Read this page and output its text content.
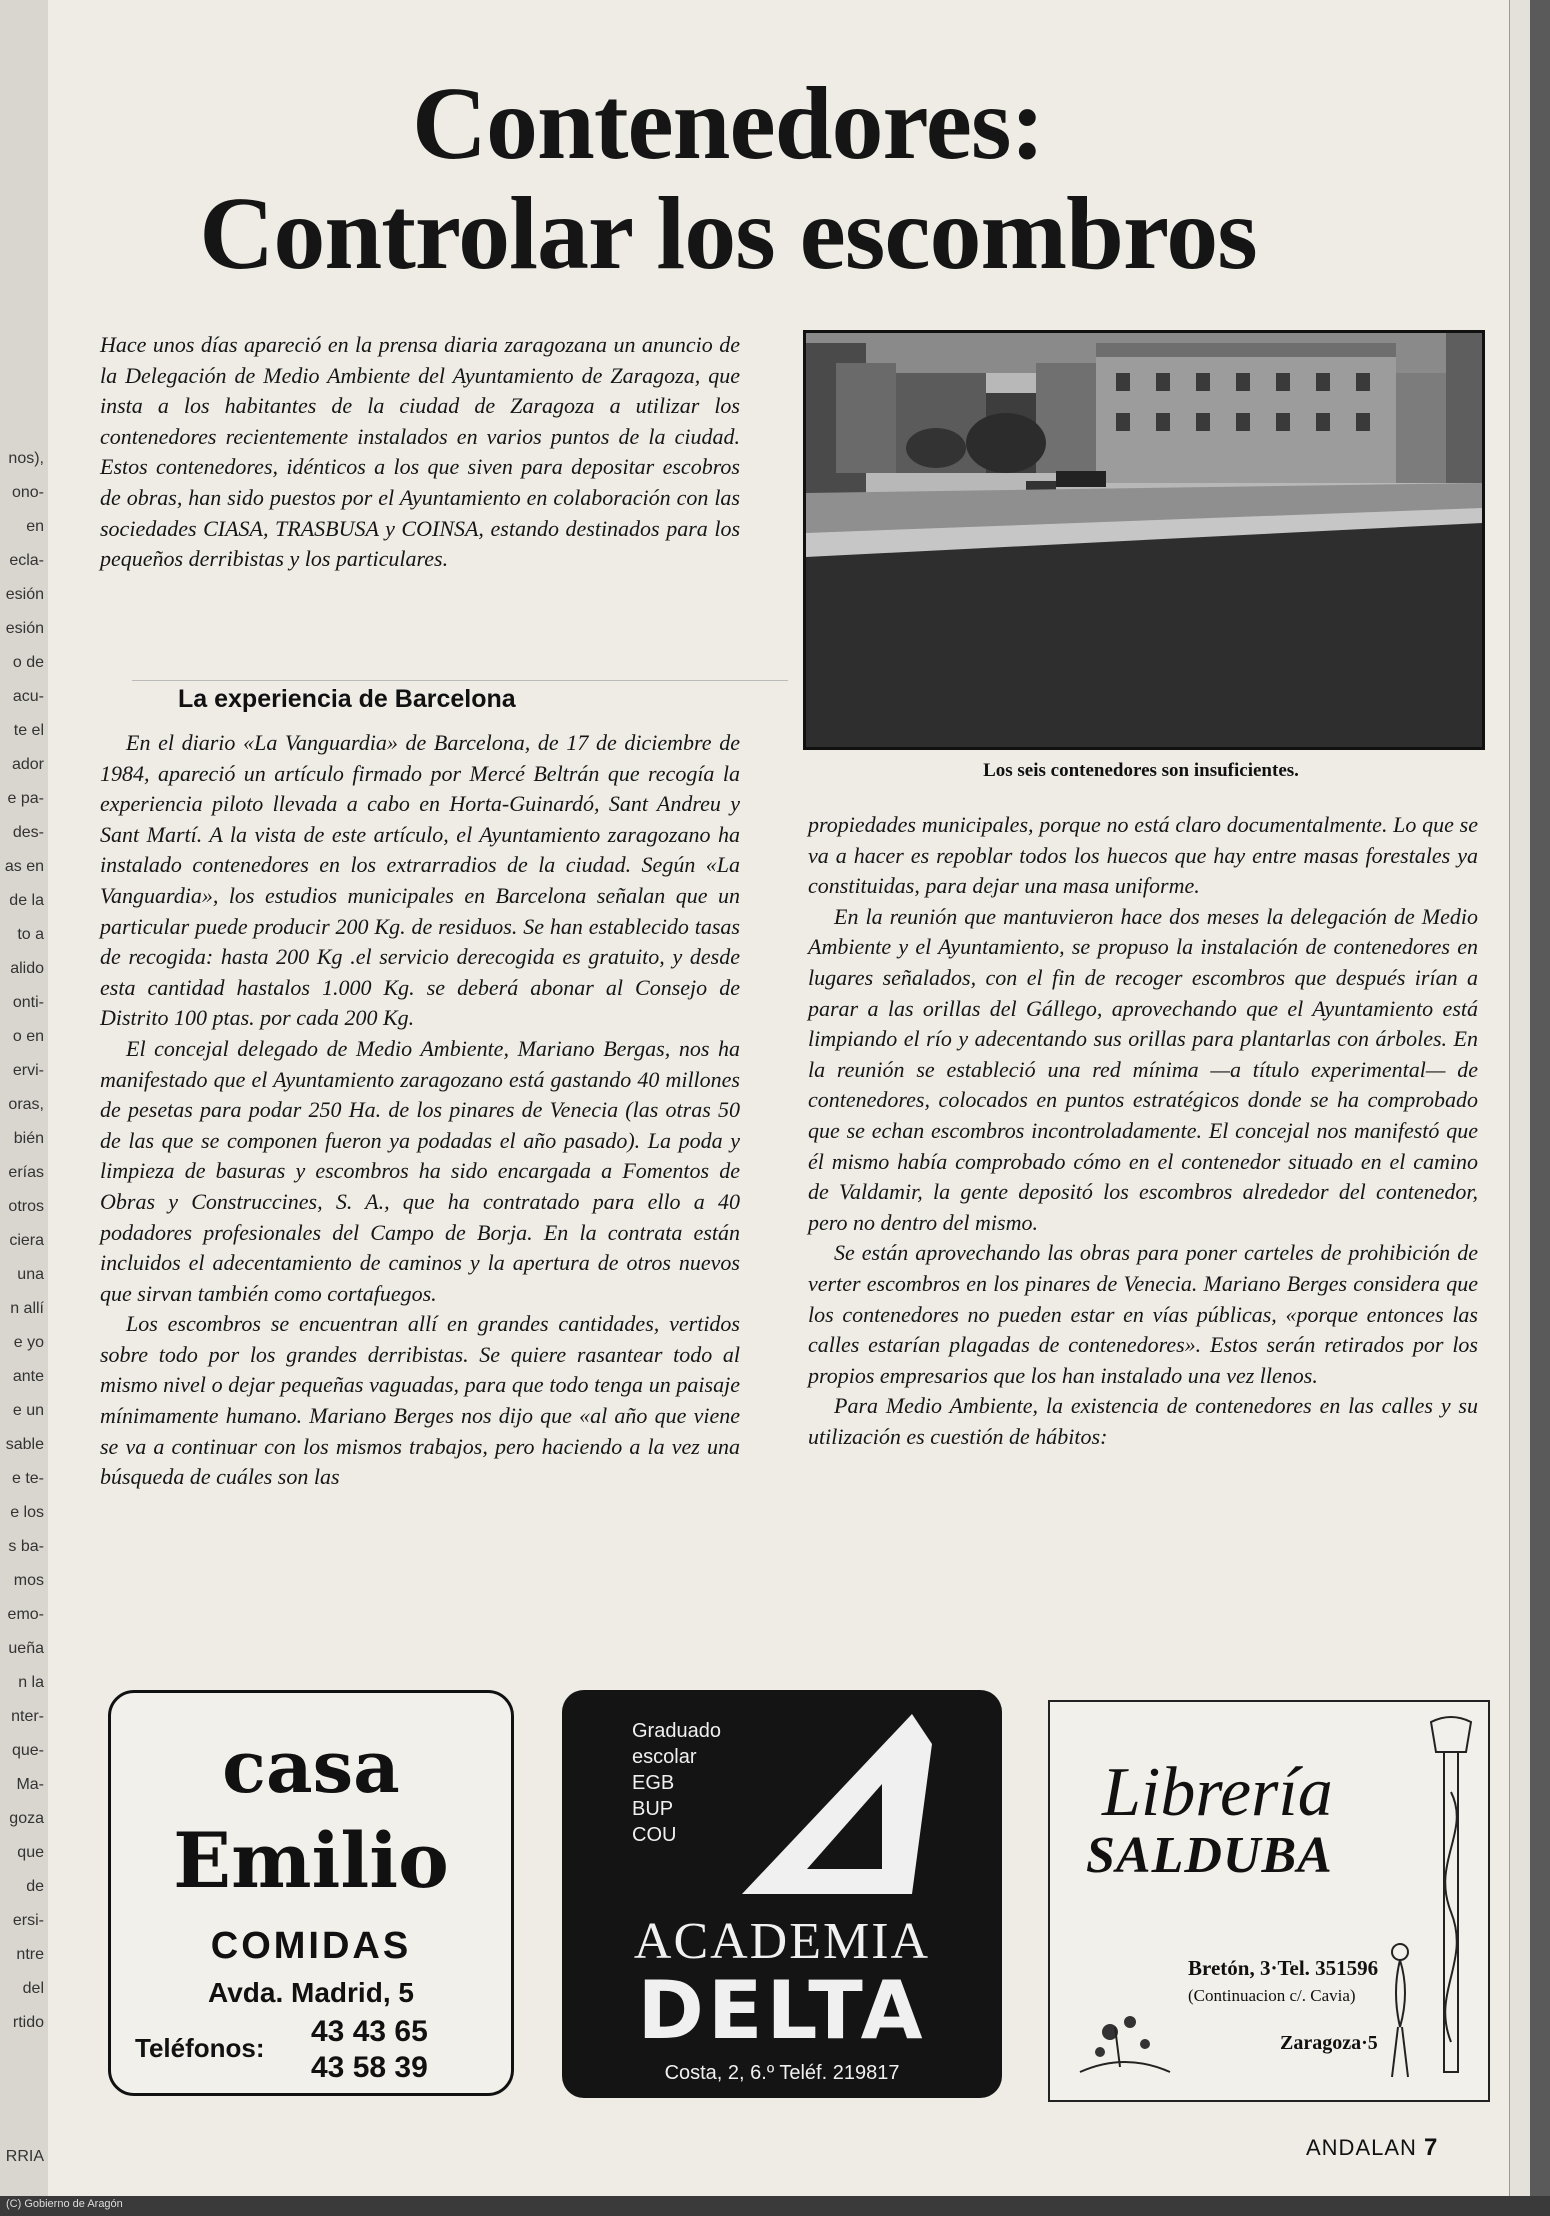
nos),
ono-
en
ecla-
esión
esión
o de
acu-
te el
ador
e pa-
des-
as en
de la
to a
alido
onti-
o en
ervi-
oras,
bién
erías
otros
ciera
una
n allí
e yo
ante
e un
sable
e te-
e los
s ba-
mos
emo-
ueña
n la
nter-
que-
Ma-
goza
que
de
ersi-
ntre
del
rtido
RRIA
Contenedores:
Controlar los escombros

Hace unos días apareció en la prensa diaria zaragozana un anuncio de la Delegación de Medio Ambiente del Ayuntamiento de Zaragoza, que insta a los habitantes de la ciudad de Zaragoza a utilizar los contenedores recientemente instalados en varios puntos de la ciudad. Estos contenedores, idénticos a los que siven para depositar escobros de obras, han sido puestos por el Ayuntamiento en colaboración con las sociedades CIASA, TRASBUSA y COINSA, estando destinados para los pequeños derribistas y los particulares.

La experiencia de Barcelona

En el diario «La Vanguardia» de Barcelona, de 17 de diciembre de 1984, apareció un artículo firmado por Mercé Beltrán que recogía la experiencia piloto llevada a cabo en Horta-Guinardó, Sant Andreu y Sant Martí. A la vista de este artículo, el Ayuntamiento zaragozano ha instalado contenedores en los extrarradios de la ciudad. Según «La Vanguardia», los estudios municipales en Barcelona señalan que un particular puede producir 200 Kg. de residuos. Se han establecido tasas de recogida: hasta 200 Kg .el servicio derecogida es gratuito, y desde esta cantidad hastalos 1.000 Kg. se deberá abonar al Consejo de Distrito 100 ptas. por cada 200 Kg.

El concejal delegado de Medio Ambiente, Mariano Bergas, nos ha manifestado que el Ayuntamiento zaragozano está gastando 40 millones de pesetas para podar 250 Ha. de los pinares de Venecia (las otras 50 de las que se componen fueron ya podadas el año pasado). La poda y limpieza de basuras y escombros ha sido encargada a Fomentos de Obras y Construccines, S. A., que ha contratado para ello a 40 podadores profesionales del Campo de Borja. En la contrata están incluidos el adecentamiento de caminos y la apertura de otros nuevos que sirvan también como cortafuegos.

Los escombros se encuentran allí en grandes cantidades, vertidos sobre todo por los grandes derribistas. Se quiere rasantear todo al mismo nivel o dejar pequeñas vaguadas, para que todo tenga un paisaje mínimamente humano. Mariano Berges nos dijo que «al año que viene se va a continuar con los mismos trabajos, pero haciendo a la vez una búsqueda de cuáles son las

Los seis contenedores son insuficientes.

propiedades municipales, porque no está claro documentalmente. Lo que se va a hacer es repoblar todos los huecos que hay entre masas forestales ya constituidas, para dejar una masa uniforme.

En la reunión que mantuvieron hace dos meses la delegación de Medio Ambiente y el Ayuntamiento, se propuso la instalación de contenedores en lugares señalados, con el fin de recoger escombros que después irían a parar a las orillas del Gállego, aprovechando que el Ayuntamiento está limpiando el río y adecentando sus orillas para plantarlas con árboles. En la reunión se estableció una red mínima —a título experimental— de contenedores, colocados en puntos estratégicos donde se ha comprobado que se echan escombros incontroladamente. El concejal nos manifestó que él mismo había comprobado cómo en el contenedor situado en el camino de Valdamir, la gente depositó los escombros alrededor del contenedor, pero no dentro del mismo.

Se están aprovechando las obras para poner carteles de prohibición de verter escombros en los pinares de Venecia. Mariano Berges considera que los contenedores no pueden estar en vías públicas, «porque entonces las calles estarían plagadas de contenedores». Estos serán retirados por los propios empresarios que los han instalado una vez llenos.

Para Medio Ambiente, la existencia de contenedores en las calles y su utilización es cuestión de hábitos:

casa
Emilio
COMIDAS
Avda. Madrid, 5
Teléfonos: 43 43 65
43 58 39
Graduado
escolar
EGB
BUP
COU
ACADEMIA
DELTA
Costa, 2, 6.º Teléf. 219817
Librería
SALDUBA
Bretón, 3·Tel. 351596
(Continuacion c/. Cavia)
Zaragoza·5
ANDALAN 7
(C) Gobierno de Aragón
